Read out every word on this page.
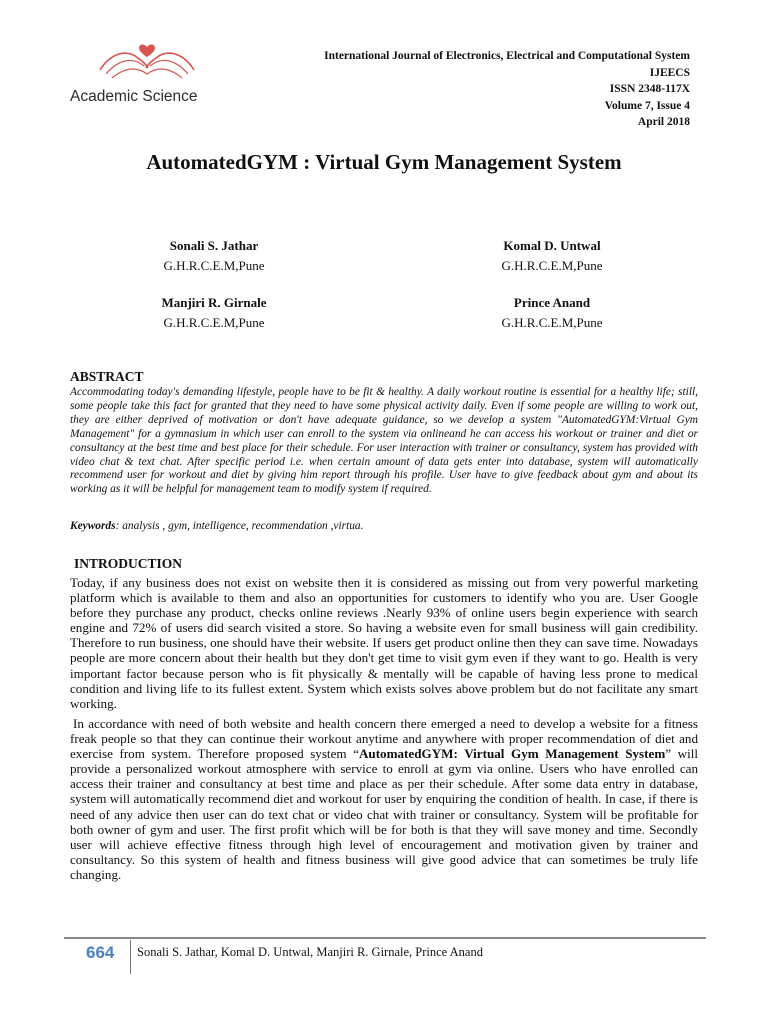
Academic Science
International Journal of Electronics, Electrical and Computational System
IJEECS
ISSN 2348-117X
Volume 7, Issue 4
April 2018
AutomatedGYM : Virtual Gym Management System
Sonali S. Jathar
G.H.R.C.E.M,Pune
Komal D. Untwal
G.H.R.C.E.M,Pune
Manjiri R. Girnale
G.H.R.C.E.M,Pune
Prince Anand
G.H.R.C.E.M,Pune
ABSTRACT
Accommodating today's demanding lifestyle, people have to be fit & healthy. A daily workout routine is essential for a healthy life; still, some people take this fact for granted that they need to have some physical activity daily. Even if some people are willing to work out, they are either deprived of motivation or don't have adequate guidance, so we develop a system "AutomatedGYM:Virtual Gym Management" for a gymnasium in which user can enroll to the system via onlineand he can access his workout or trainer and diet or consultancy at the best time and best place for their schedule. For user interaction with trainer or consultancy, system has provided with video chat & text chat. After specific period i.e. when certain amount of data gets enter into database, system will automatically recommend user for workout and diet by giving him report through his profile. User have to give feedback about gym and about its working as it will be helpful for management team to modify system if required.
Keywords: analysis , gym, intelligence, recommendation ,virtua.
INTRODUCTION
Today, if any business does not exist on website then it is considered as missing out from very powerful marketing platform which is available to them and also an opportunities for customers to identify who you are. User Google before they purchase any product, checks online reviews .Nearly 93% of online users begin experience with search engine and 72% of users did search visited a store. So having a website even for small business will gain credibility. Therefore to run business, one should have their website. If users get product online then they can save time. Nowadays people are more concern about their health but they don't get time to visit gym even if they want to go. Health is very important factor because person who is fit physically & mentally will be capable of having less prone to medical condition and living life to its fullest extent. System which exists solves above problem but do not facilitate any smart working.
In accordance with need of both website and health concern there emerged a need to develop a website for a fitness freak people so that they can continue their workout anytime and anywhere with proper recommendation of diet and exercise from system. Therefore proposed system “AutomatedGYM: Virtual Gym Management System” will provide a personalized workout atmosphere with service to enroll at gym via online. Users who have enrolled can access their trainer and consultancy at best time and place as per their schedule. After some data entry in database, system will automatically recommend diet and workout for user by enquiring the condition of health. In case, if there is need of any advice then user can do text chat or video chat with trainer or consultancy. System will be profitable for both owner of gym and user. The first profit which will be for both is that they will save money and time. Secondly user will achieve effective fitness through high level of encouragement and motivation given by trainer and consultancy. So this system of health and fitness business will give good advice that can sometimes be truly life changing.
664 Sonali S. Jathar, Komal D. Untwal, Manjiri R. Girnale, Prince Anand
